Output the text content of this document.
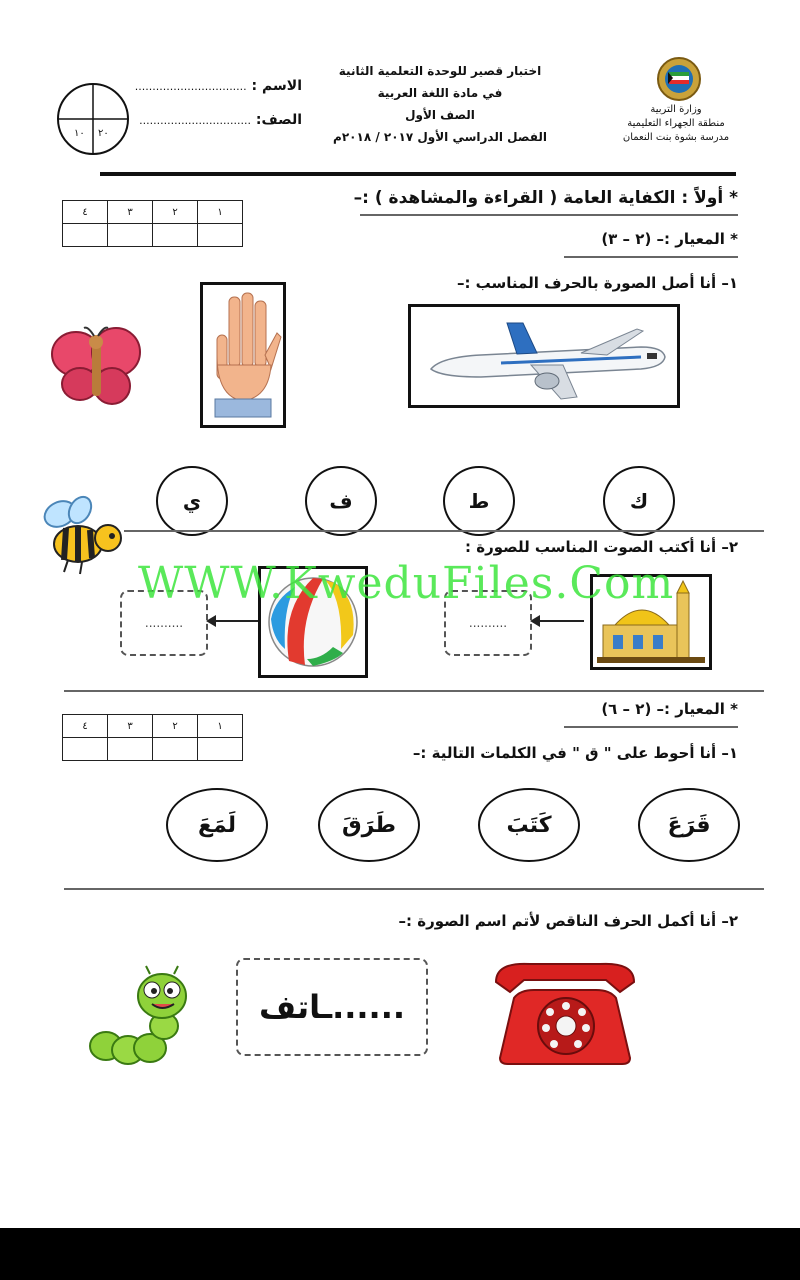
وزارة التربية
منطقة الجهراء التعليمية
مدرسة بشوة بنت النعمان
اختبار قصير للوحدة التعلمية الثانية
في مادة اللغة العربية
الصف الأول
الفصل الدراسي الأول ٢٠١٧ / ٢٠١٨م
الاسم : ................................
الصف: ................................
١٠ ٢٠
* أولاً : الكفاية العامة ( القراءة والمشاهدة ) :–
١	٢	٣	٤

* المعيار :– (٢ – ٣)
١– أنا أصل الصورة بالحرف المناسب :–
ك
ط
ف
ي
٢– أنا أكتب الصوت المناسب للصورة :
..........	..........
WWW.KweduFiles.Com
* المعيار :– (٢ – ٦)
١	٢	٣	٤

١– أنا أحوط على " ق " في الكلمات التالية :–
قَرَعَ
كَتَبَ
طَرَقَ
لَمَعَ
٢– أنا أكمل الحرف الناقص لأتم اسم الصورة :–
......ـاتف
